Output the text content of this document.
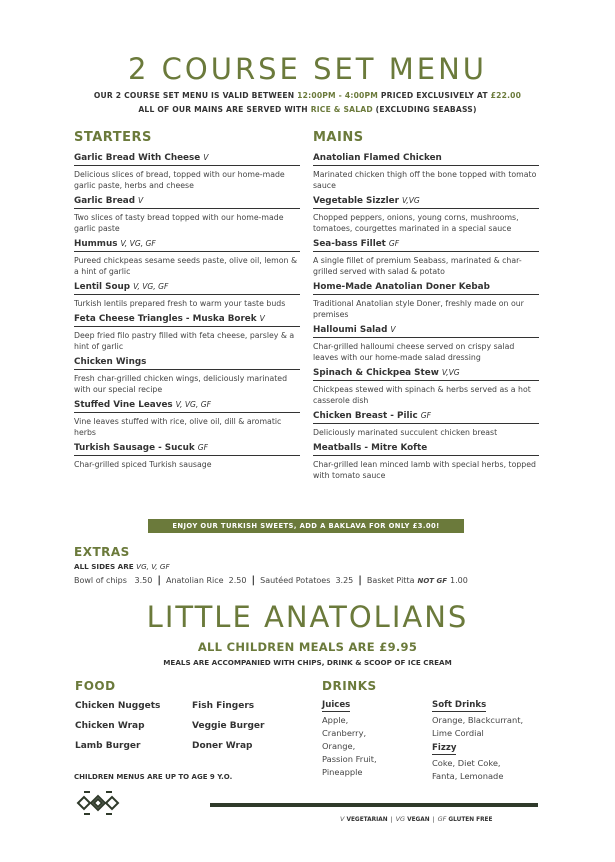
2 COURSE SET MENU
OUR 2 COURSE SET MENU IS VALID BETWEEN 12:00PM - 4:00PM PRICED EXCLUSIVELY AT £22.00
ALL OF OUR MAINS ARE SERVED WITH RICE & SALAD (EXCLUDING SEABASS)
STARTERS
Garlic Bread With Cheese V
Delicious slices of bread, topped with our home-made garlic paste, herbs and cheese
Garlic Bread V
Two slices of tasty bread topped with our home-made garlic paste
Hummus V, VG, GF
Pureed chickpeas sesame seeds paste, olive oil, lemon & a hint of garlic
Lentil Soup V, VG, GF
Turkish lentils prepared fresh to warm your taste buds
Feta Cheese Triangles - Muska Borek V
Deep fried filo pastry filled with feta cheese, parsley & a hint of garlic
Chicken Wings
Fresh char-grilled chicken wings, deliciously marinated with our special recipe
Stuffed Vine Leaves V, VG, GF
Vine leaves stuffed with rice, olive oil, dill & aromatic herbs
Turkish Sausage - Sucuk GF
Char-grilled spiced Turkish sausage
MAINS
Anatolian Flamed Chicken
Marinated chicken thigh off the bone topped with tomato sauce
Vegetable Sizzler V,VG
Chopped peppers, onions, young corns, mushrooms, tomatoes, courgettes marinated in a special sauce
Sea-bass Fillet GF
A single fillet of premium Seabass, marinated & char-grilled served with salad & potato
Home-Made Anatolian Doner Kebab
Traditional Anatolian style Doner, freshly made on our premises
Halloumi Salad V
Char-grilled halloumi cheese served on crispy salad leaves with our home-made salad dressing
Spinach & Chickpea Stew V,VG
Chickpeas stewed with spinach & herbs served as a hot casserole dish
Chicken Breast - Pilic GF
Deliciously marinated succulent chicken breast
Meatballs - Mitre Kofte
Char-grilled lean minced lamb with special herbs, topped with tomato sauce
ENJOY OUR TURKISH SWEETS, ADD A BAKLAVA FOR ONLY £3.00!
EXTRAS
ALL SIDES ARE VG, V, GF
Bowl of chips 3.50 | Anatolian Rice 2.50 | Sautéed Potatoes 3.25 | Basket Pitta NOT GF 1.00
LITTLE ANATOLIANS
ALL CHILDREN MEALS ARE £9.95
MEALS ARE ACCOMPANIED WITH CHIPS, DRINK & SCOOP OF ICE CREAM
FOOD
Chicken Nuggets	Fish Fingers
Chicken Wrap	Veggie Burger
Lamb Burger	Doner Wrap
DRINKS
Juices
Apple,
Cranberry,
Orange,
Passion Fruit,
Pineapple
Soft Drinks
Orange, Blackcurrant,
Lime Cordial
Fizzy
Coke, Diet Coke,
Fanta, Lemonade
CHILDREN MENUS ARE UP TO AGE 9 Y.O.
V VEGETARIAN | VG VEGAN | GF GLUTEN FREE
